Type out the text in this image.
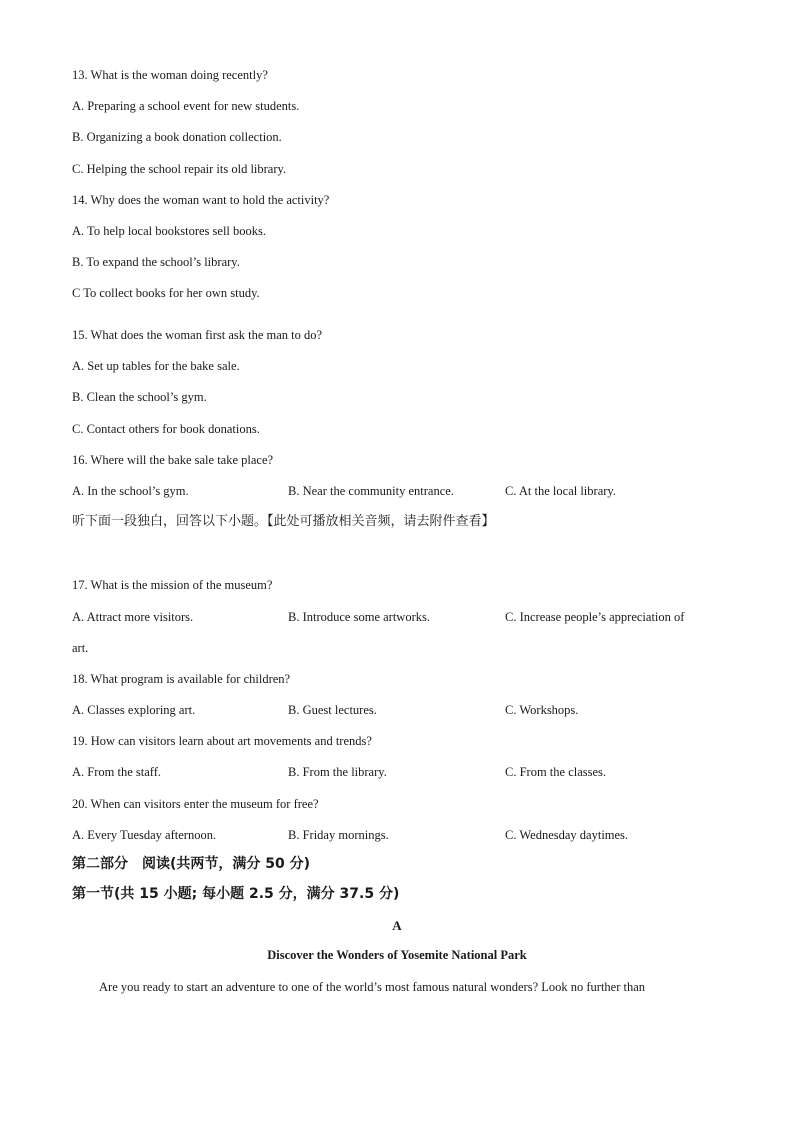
13. What is the woman doing recently?
A. Preparing a school event for new students.
B. Organizing a book donation collection.
C. Helping the school repair its old library.
14. Why does the woman want to hold the activity?
A. To help local bookstores sell books.
B. To expand the school’s library.
C To collect books for her own study.
15. What does the woman first ask the man to do?
A. Set up tables for the bake sale.
B. Clean the school’s gym.
C. Contact others for book donations.
16. Where will the bake sale take place?
A. In the school’s gym.	B. Near the community entrance.	C. At the local library.
听下面一段独白，回答以下小题。【此处可播放相关音频，请去附件查看】
17. What is the mission of the museum?
A. Attract more visitors.	B. Introduce some artworks.	C. Increase people’s appreciation of
art.
18. What program is available for children?
A. Classes exploring art.	B. Guest lectures.	C. Workshops.
19. How can visitors learn about art movements and trends?
A. From the staff.	B. From the library.	C. From the classes.
20. When can visitors enter the museum for free?
A. Every Tuesday afternoon.	B. Friday mornings.	C. Wednesday daytimes.
第二部分　阅读(共两节，满分 50 分)
第一节(共 15 小题; 每小题 2.5 分，满分 37.5 分)
A
Discover the Wonders of Yosemite National Park
Are you ready to start an adventure to one of the world’s most famous natural wonders? Look no further than
